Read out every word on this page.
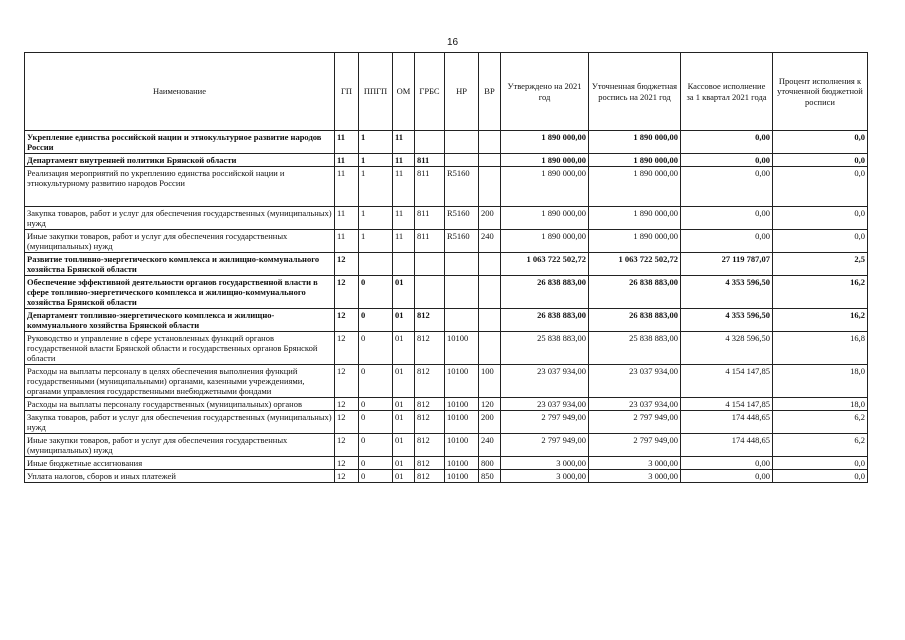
16
Наименование	ГП	ППГП	ОМ	ГРБС	НР	ВР	Утверждено на 2021 год	Уточненная бюджетная роспись на 2021 год	Кассовое исполнение за 1 квартал 2021 года	Процент исполнения к уточненной бюджетной росписи
Укрепление единства российской нации и этнокультурное развитие народов России	11	1	11				1 890 000,00	1 890 000,00	0,00	0,0
Департамент внутренней политики Брянской области	11	1	11	811			1 890 000,00	1 890 000,00	0,00	0,0
Реализация мероприятий по укреплению единства российской нации и этнокультурному развитию народов России	11	1	11	811	R5160		1 890 000,00	1 890 000,00	0,00	0,0
Закупка товаров, работ и услуг для обеспечения государственных (муниципальных) нужд	11	1	11	811	R5160	200	1 890 000,00	1 890 000,00	0,00	0,0
Иные закупки товаров, работ и услуг для обеспечения государственных (муниципальных) нужд	11	1	11	811	R5160	240	1 890 000,00	1 890 000,00	0,00	0,0
Развитие топливно-энергетического комплекса и жилищно-коммунального хозяйства Брянской области	12						1 063 722 502,72	1 063 722 502,72	27 119 787,07	2,5
Обеспечение эффективной деятельности органов государственной власти в сфере топливно-энергетического комплекса и жилищно-коммунального хозяйства Брянской области	12	0	01				26 838 883,00	26 838 883,00	4 353 596,50	16,2
Департамент топливно-энергетического комплекса и жилищно-коммунального хозяйства Брянской области	12	0	01	812			26 838 883,00	26 838 883,00	4 353 596,50	16,2
Руководство и управление в сфере установленных функций органов государственной власти Брянской области и государственных органов Брянской области	12	0	01	812	10100		25 838 883,00	25 838 883,00	4 328 596,50	16,8
Расходы на выплаты персоналу в целях обеспечения выполнения функций государственными (муниципальными) органами, казенными учреждениями, органами управления государственными внебюджетными фондами	12	0	01	812	10100	100	23 037 934,00	23 037 934,00	4 154 147,85	18,0
Расходы на выплаты персоналу государственных (муниципальных) органов	12	0	01	812	10100	120	23 037 934,00	23 037 934,00	4 154 147,85	18,0
Закупка товаров, работ и услуг для обеспечения государственных (муниципальных) нужд	12	0	01	812	10100	200	2 797 949,00	2 797 949,00	174 448,65	6,2
Иные закупки товаров, работ и услуг для обеспечения государственных (муниципальных) нужд	12	0	01	812	10100	240	2 797 949,00	2 797 949,00	174 448,65	6,2
Иные бюджетные ассигнования	12	0	01	812	10100	800	3 000,00	3 000,00	0,00	0,0
Уплата налогов, сборов и иных платежей	12	0	01	812	10100	850	3 000,00	3 000,00	0,00	0,0
